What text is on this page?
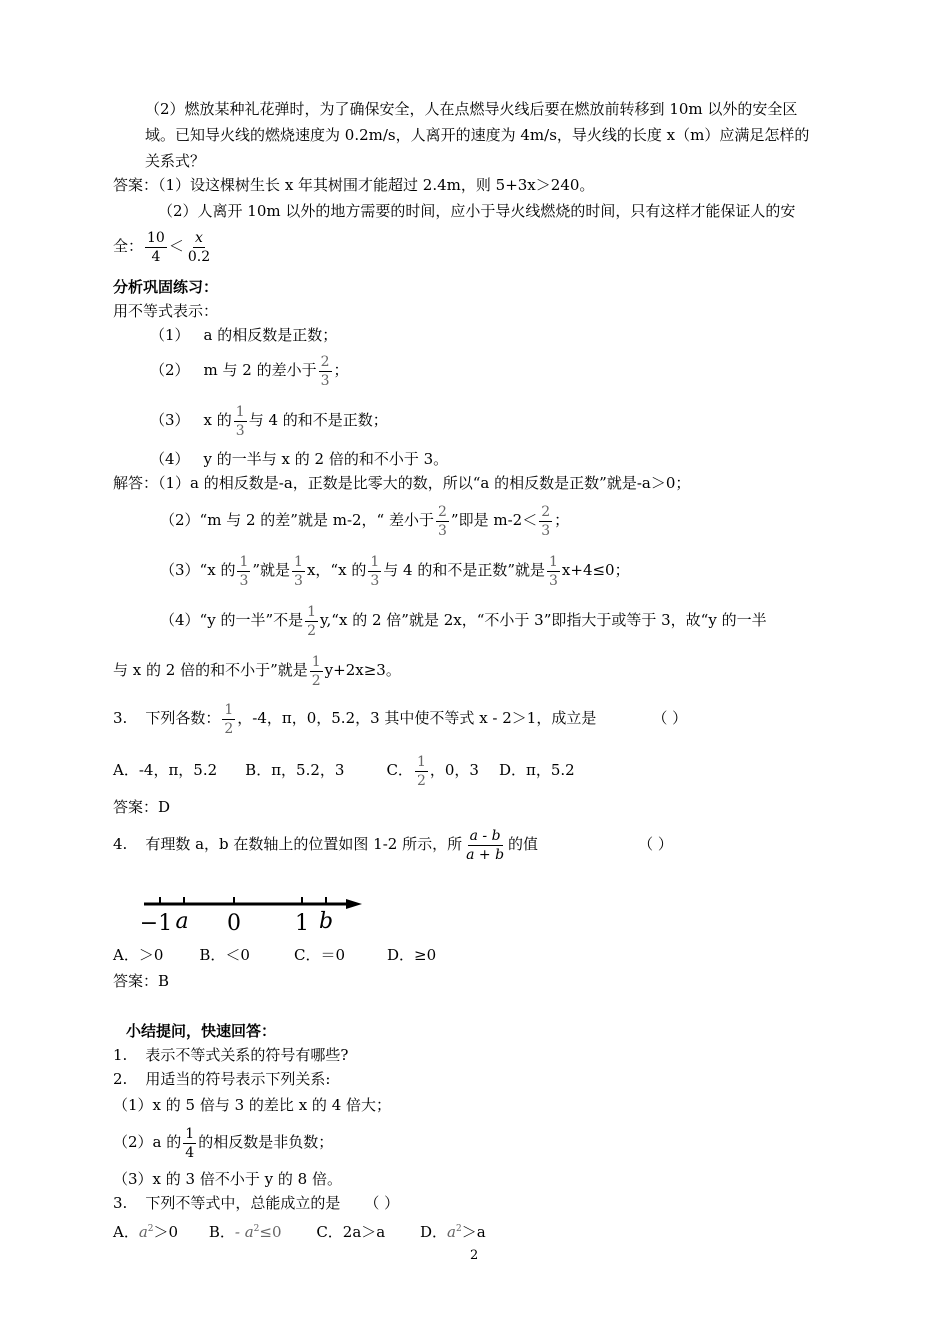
（2）燃放某种礼花弹时，为了确保安全，人在点燃导火线后要在燃放前转移到 10m 以外的安全区
域。已知导火线的燃烧速度为 0.2m/s，人离开的速度为 4m/s，导火线的长度 x（m）应满足怎样的
关系式？
答案：（1）设这棵树生长 x 年其树围才能超过 2.4m，则 5+3x＞240。
（2）人离开 10m 以外的地方需要的时间，应小于导火线燃烧的时间，只有这样才能保证人的安
全： $\frac{10}{4} < \frac{x}{0.2}$
分析巩固练习：
用不等式表示：
（1） a 的相反数是正数；
（2） m 与 2 的差小于 $\frac{2}{3}$ ；
（3） x 的 $\frac{1}{3}$ 与 4 的和不是正数；
（4） y 的一半与 x 的 2 倍的和不小于 3。
解答：（1）a 的相反数是-a，正数是比零大的数，所以“a 的相反数是正数”就是-a＞0；
（2）“m 与 2 的差”就是 m-2，“ 差小于 $\frac{2}{3}$ ”即是 $m-2< \frac{2}{3}$ ；
（3）“x 的 $\frac{1}{3}$ ”就是 $\frac{1}{3}$ x，“x 的 $\frac{1}{3}$ 与 4 的和不是正数”就是 $\frac{1}{3} x+4\le 0$；
（4）“y 的一半”不是 $\frac{1}{2}$ y,“x 的 2 倍”就是 2x，“不小于 3”即指大于或等于 3，故“y 的一半
与 x 的 2 倍的和不小于”就是 $\frac{1}{2} y+2x\ge 3$。
3. 下列各数： $\frac{1}{2}$ ，-4，π，0，5.2，3 其中使不等式 x - 2＞1，成立是	（ ）
A．-4，π，5.2 B．π，5.2，3	C． $\frac{1}{2}$ ，0，3 D．π，5.2
答案：D
4. 有理数 a，b 在数轴上的位置如图 1-2 所示，所 $\frac{a - b}{a + b}$ 的值	（ ）
−1 a 0 1 b
A．＞0 B．＜0	C．＝0	D．≥0
答案：B
小结提问，快速回答：
1. 表示不等式关系的符号有哪些?
2. 用适当的符号表示下列关系:
（1）x 的 5 倍与 3 的差比 x 的 4 倍大；
（2）a 的 $\frac{1}{4}$ 的相反数是非负数；
（3）x 的 3 倍不小于 y 的 8 倍。
3. 下列不等式中，总能成立的是 （ ）
A．$a^2>0$ B．- $a^2\le 0$ C．2a＞a D．$a^2>a$
2
